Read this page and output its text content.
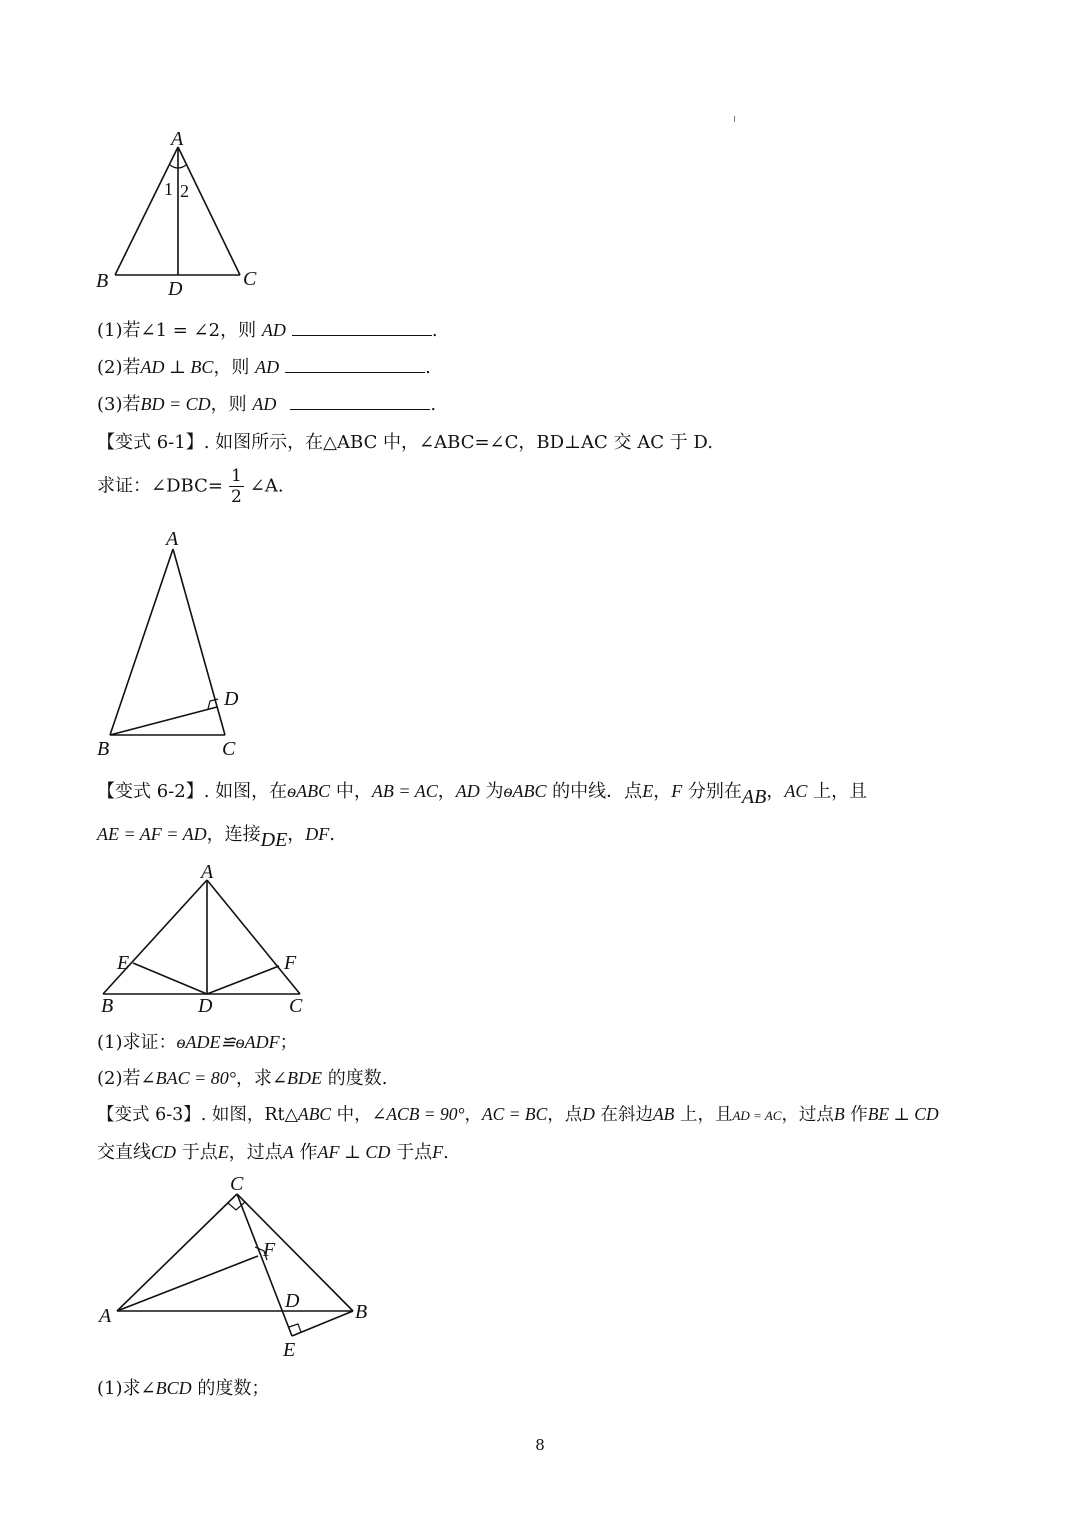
A
B	C
D
1 2
(1)若∠1 = ∠2，则 AD	.
(2)若AD ⊥ BC，则 AD	.
(3)若BD = CD，则 AD	.
【变式 6-1】. 如图所示，在△ABC 中，∠ABC=∠C，BD⊥AC 交 AC 于 D.
求证：∠DBC= $\frac{1}{2}$ ∠A.
A
B	C
D
【变式 6-2】. 如图，在ѳABC 中，AB = AC，AD 为ѳABC 的中线．点E，F 分别在AB，AC 上，且
AE = AF = AD，连接DE，DF.
A
B	C
D
E	F
(1)求证：ѳADE≌ѳADF；
(2)若∠BAC = 80°，求∠BDE 的度数.
【变式 6-3】. 如图，Rt△ABC 中，∠ACB = 90°，AC = BC，点D 在斜边AB 上，且AD = AC，过点B 作BE ⊥ CD
交直线CD 于点E，过点A 作AF ⊥ CD 于点F.
C
A	B
D
E
F
(1)求∠BCD 的度数；
8
